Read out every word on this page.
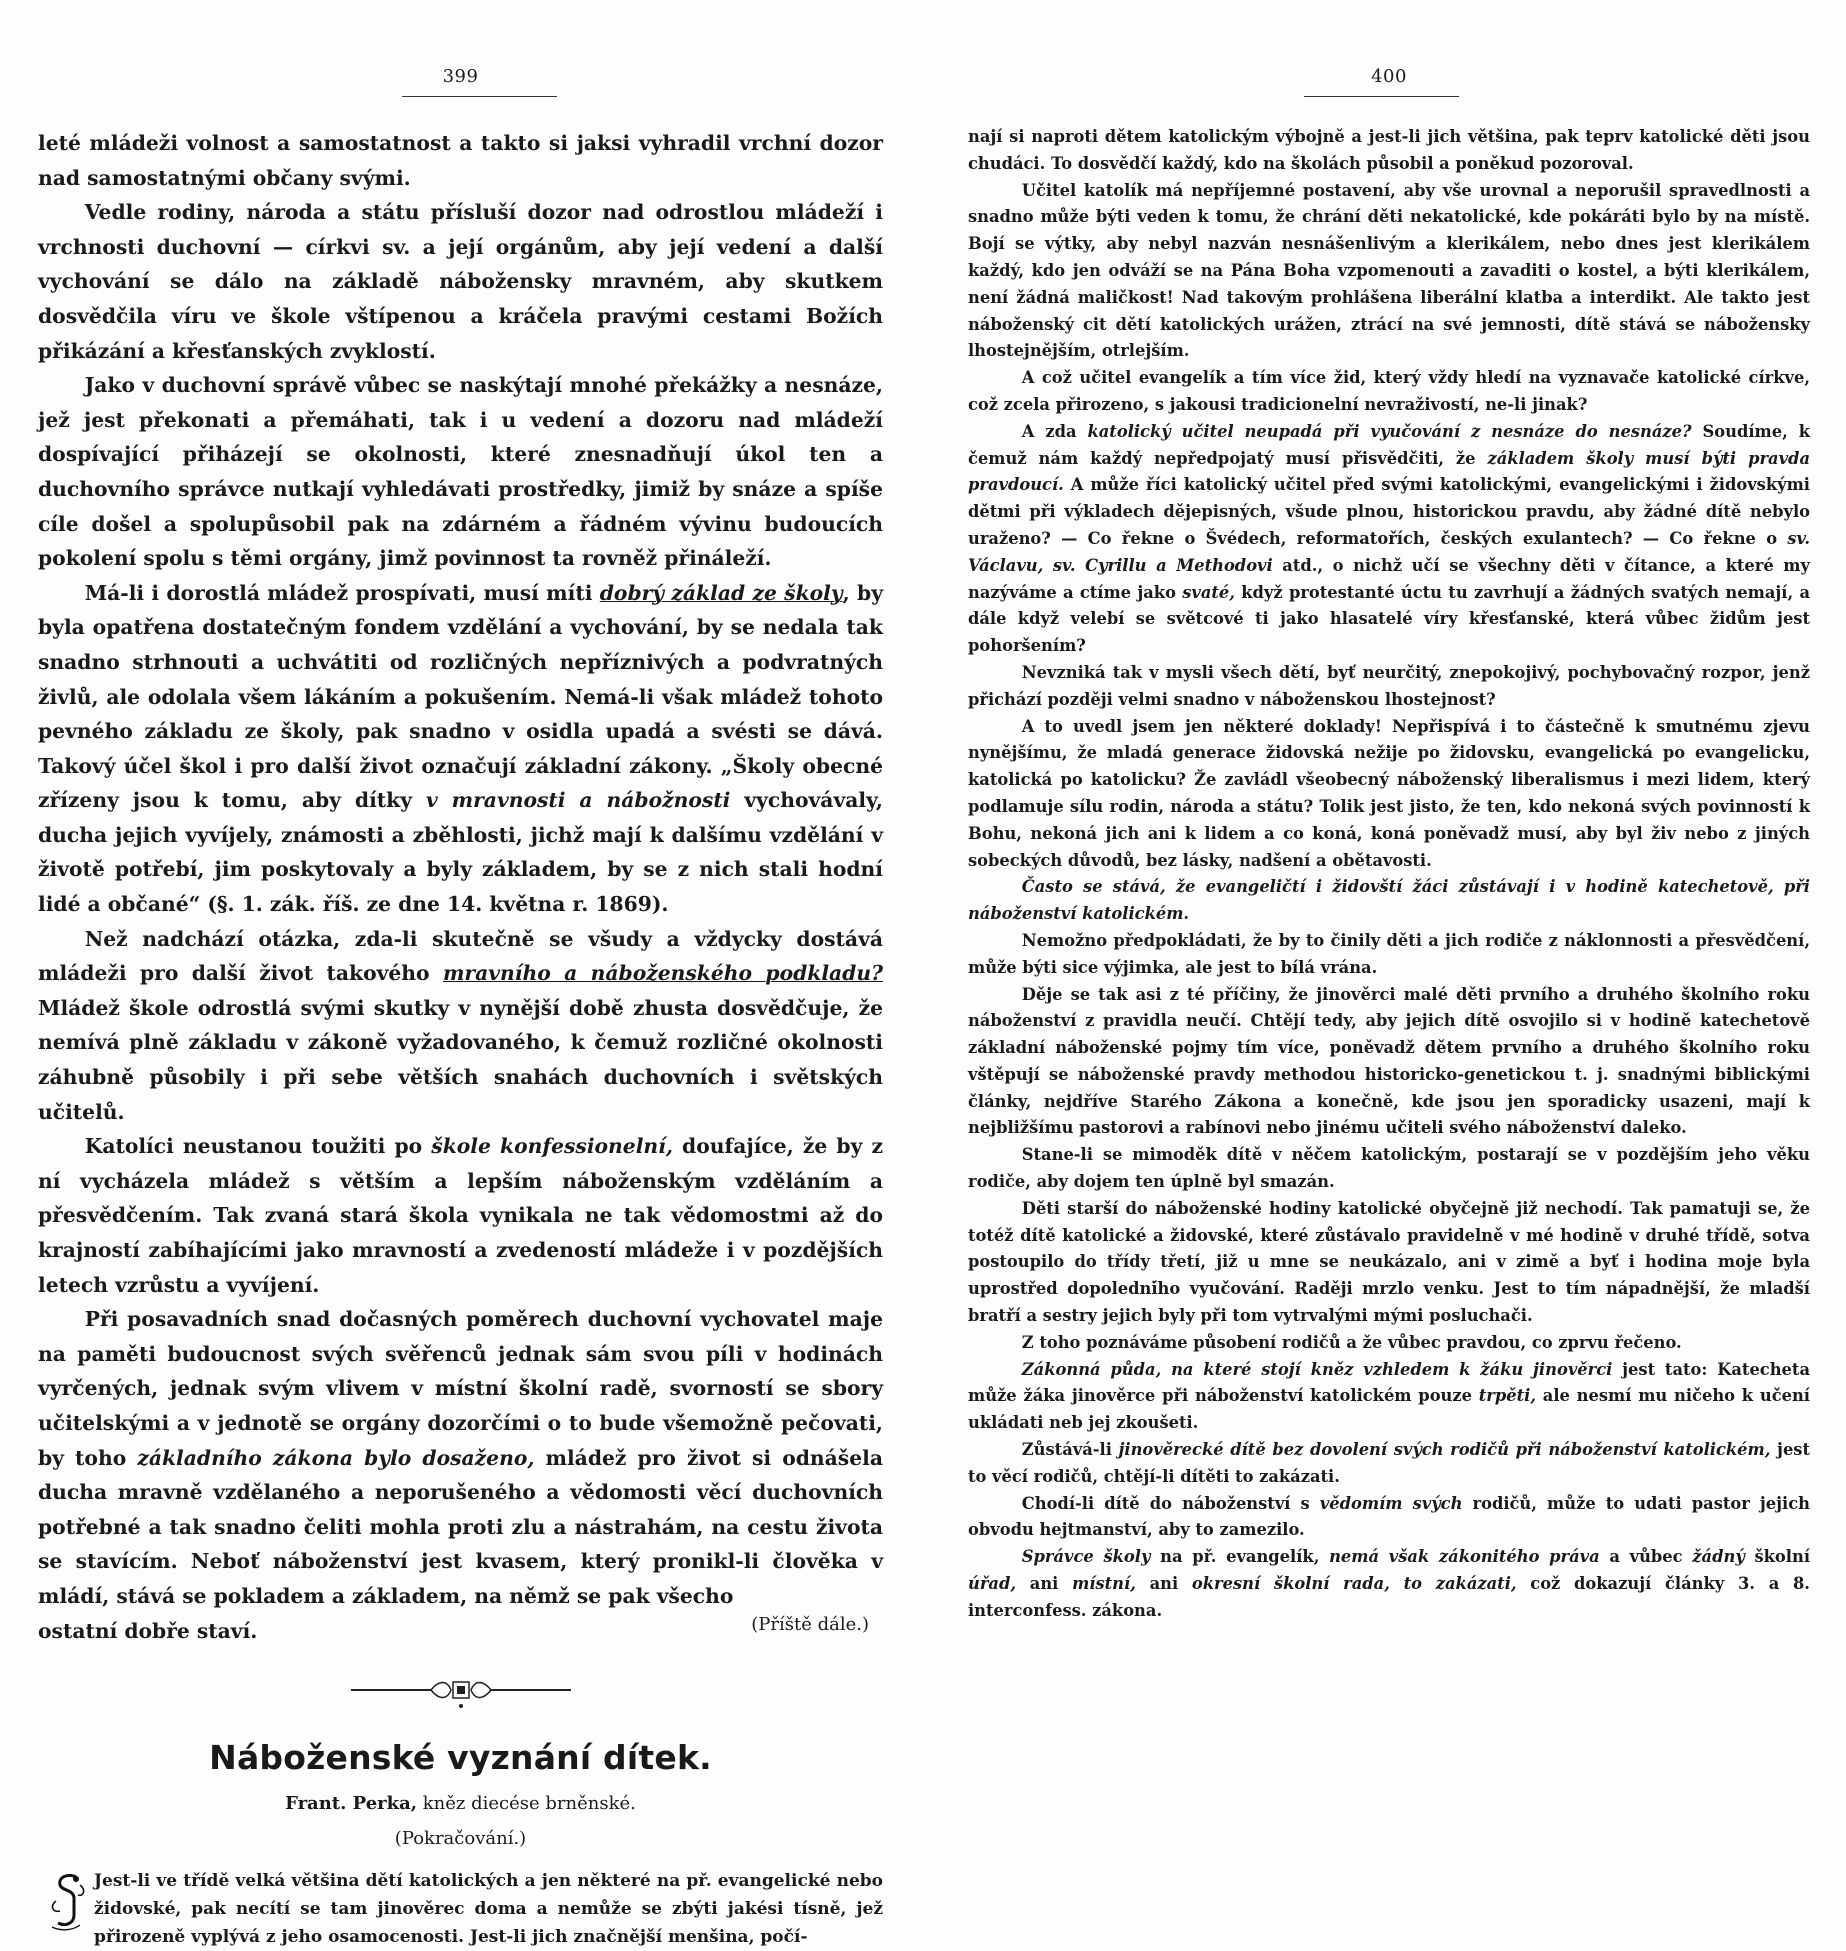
399

leté mládeži volnost a samostatnost a takto si jaksi vyhradil vrchní dozor nad samostatnými občany svými.

Vedle rodiny, národa a státu přísluší dozor nad odrostlou mládeží i vrchnosti duchovní — církvi sv. a její orgánům, aby její vedení a další vychování se dálo na základě nábožensky mravném, aby skutkem dosvědčila víru ve škole vštípenou a kráčela pravými cestami Božích přikázání a křesťanských zvyklostí.

Jako v duchovní správě vůbec se naskýtají mnohé překážky a nesnáze, jež jest překonati a přemáhati, tak i u vedení a dozoru nad mládeží dospívající přiházejí se okolnosti, které znesnadňují úkol ten a duchovního správce nutkají vyhledávati prostředky, jimiž by snáze a spíše cíle došel a spolupůsobil pak na zdárném a řádném vývinu budoucích pokolení spolu s těmi orgány, jimž povinnost ta rovněž přináleží.

Má-li i dorostlá mládež prospívati, musí míti dobrý základ ze školy, by byla opatřena dostatečným fondem vzdělání a vychování, by se nedala tak snadno strhnouti a uchvátiti od rozličných nepříznivých a podvratných živlů, ale odolala všem lákáním a pokušením. Nemá-li však mládež tohoto pevného základu ze školy, pak snadno v osidla upadá a svésti se dává. Takový účel škol i pro další život označují základní zákony. „Školy obecné zřízeny jsou k tomu, aby dítky v mravnosti a nábožnosti vychovávaly, ducha jejich vyvíjely, známosti a zběhlosti, jichž mají k dalšímu vzdělání v životě potřebí, jim poskytovaly a byly základem, by se z nich stali hodní lidé a občané“ (§. 1. zák. říš. ze dne 14. května r. 1869).

Než nadchází otázka, zda-li skutečně se všudy a vždycky dostává mládeži pro další život takového mravního a náboženského podkladu? Mládež škole odrostlá svými skutky v nynější době zhusta dosvědčuje, že nemívá plně základu v zákoně vyžadovaného, k čemuž rozličné okolnosti záhubně působily i při sebe větších snahách duchovních i světských učitelů.

Katolíci neustanou toužiti po škole konfessionelní, doufajíce, že by z ní vycházela mládež s větším a lepším náboženským vzděláním a přesvědčením. Tak zvaná stará škola vynikala ne tak vědomostmi až do krajností zabíhajícími jako mravností a zvedeností mládeže i v pozdějších letech vzrůstu a vyvíjení.

Při posavadních snad dočasných poměrech duchovní vychovatel maje na paměti budoucnost svých svěřenců jednak sám svou píli v hodinách vyrčených, jednak svým vlivem v místní školní radě, svorností se sbory učitelskými a v jednotě se orgány dozorčími o to bude všemožně pečovati, by toho základního zákona bylo dosaženo, mládež pro život si odnášela ducha mravně vzdělaného a neporušeného a vědomosti věcí duchovních potřebné a tak snadno čeliti mohla proti zlu a nástrahám, na cestu života se stavícím. Neboť náboženství jest kvasem, který pronikl-li člověka v mládí, stává se pokladem a základem, na němž se pak všecho

ostatní dobře staví.	(Příště dále.)
Náboženské vyznání dítek.
Frant. Perka, kněz diecése brněnské.
(Pokračování.)

Jest-li ve třídě velká většina dětí katolických a jen některé na př. evangelické nebo židovské, pak necítí se tam jinověrec doma a nemůže se zbýti jakési tísně, jež přirozeně vyplývá z jeho osamocenosti. Jest-li jich značnější menšina, počí-

400

nají si naproti dětem katolickým výbojně a jest-li jich většina, pak teprv katolické děti jsou chudáci. To dosvědčí každý, kdo na školách působil a poněkud pozoroval.

Učitel katolík má nepříjemné postavení, aby vše urovnal a neporušil spravedlnosti a snadno může býti veden k tomu, že chrání děti nekatolické, kde pokáráti bylo by na místě. Bojí se výtky, aby nebyl nazván nesnášenlivým a klerikálem, nebo dnes jest klerikálem každý, kdo jen odváží se na Pána Boha vzpomenouti a zavaditi o kostel, a býti klerikálem, není žádná maličkost! Nad takovým prohlášena liberální klatba a interdikt. Ale takto jest náboženský cit dětí katolických urážen, ztrácí na své jemnosti, dítě stává se nábožensky lhostejnějším, otrlejším.

A což učitel evangelík a tím více žid, který vždy hledí na vyznavače katolické církve, což zcela přirozeno, s jakousi tradicionelní nevraživostí, ne-li jinak?

A zda katolický učitel neupadá při vyučování z nesnáze do nesnáze? Soudíme, k čemuž nám každý nepředpojatý musí přisvědčiti, že základem školy musí býti pravda pravdoucí. A může říci katolický učitel před svými katolickými, evangelickými i židovskými dětmi při výkladech dějepisných, všude plnou, historickou pravdu, aby žádné dítě nebylo uraženo? — Co řekne o Švédech, reformatořích, českých exulantech? — Co řekne o sv. Václavu, sv. Cyrillu a Methodovi atd., o nichž učí se všechny děti v čítance, a které my nazýváme a ctíme jako svaté, když protestanté úctu tu zavrhují a žádných svatých nemají, a dále když velebí se světcové ti jako hlasatelé víry křesťanské, která vůbec židům jest pohoršením?

Nevzniká tak v mysli všech dětí, byť neurčitý, znepokojivý, pochybovačný rozpor, jenž přichází později velmi snadno v náboženskou lhostejnost?

A to uvedl jsem jen některé doklady! Nepřispívá i to částečně k smutnému zjevu nynějšímu, že mladá generace židovská nežije po židovsku, evangelická po evangelicku, katolická po katolicku? Že zavládl všeobecný náboženský liberalismus i mezi lidem, který podlamuje sílu rodin, národa a státu? Tolik jest jisto, že ten, kdo nekoná svých povinností k Bohu, nekoná jich ani k lidem a co koná, koná poněvadž musí, aby byl živ nebo z jiných sobeckých důvodů, bez lásky, nadšení a obětavosti.

Často se stává, že evangeličtí i židovští žáci zůstávají i v hodině katechetově, při náboženství katolickém.

Nemožno předpokládati, že by to činily děti a jich rodiče z náklonnosti a přesvědčení, může býti sice výjimka, ale jest to bílá vrána.

Děje se tak asi z té příčiny, že jinověrci malé děti prvního a druhého školního roku náboženství z pravidla neučí. Chtějí tedy, aby jejich dítě osvojilo si v hodině katechetově základní náboženské pojmy tím více, poněvadž dětem prvního a druhého školního roku vštěpují se náboženské pravdy methodou historicko-genetickou t. j. snadnými biblickými články, nejdříve Starého Zákona a konečně, kde jsou jen sporadicky usazeni, mají k nejbližšímu pastorovi a rabínovi nebo jinému učiteli svého náboženství daleko.

Stane-li se mimoděk dítě v něčem katolickým, postarají se v pozdějším jeho věku rodiče, aby dojem ten úplně byl smazán.

Děti starší do náboženské hodiny katolické obyčejně již nechodí. Tak pamatuji se, že totéž dítě katolické a židovské, které zůstávalo pravidelně v mé hodině v druhé třídě, sotva postoupilo do třídy třetí, již u mne se neukázalo, ani v zimě a byť i hodina moje byla uprostřed dopolední̇ho vyučování. Raději mrzlo venku. Jest to tím nápadnější, že mladší bratří a sestry jejich byly při tom vytrvalými mými posluchači.

Z toho poznáváme působení rodičů a že vůbec pravdou, co zprvu řečeno.

Zákonná půda, na které stojí kněz vzhledem k žáku jinověrci jest tato: Katecheta může žáka jinověrce při náboženství katolickém pouze trpěti, ale nesmí mu ničeho k učení ukládati neb jej zkoušeti.

Zůstává-li jinověrecké dítě bez dovolení svých rodičů při náboženství katolickém, jest to věcí rodičů, chtějí-li dítěti to zakázati.

Chodí-li dítě do náboženství s vědomím svých rodičů, může to udati pastor jejich obvodu hejtmanství, aby to zamezilo.

Správce školy na př. evangelík, nemá však zákonitého práva a vůbec žádný školní úřad, ani místní, ani okresní školní rada, to zakázati, což dokazují články 3. a 8. interconfess. zákona.
